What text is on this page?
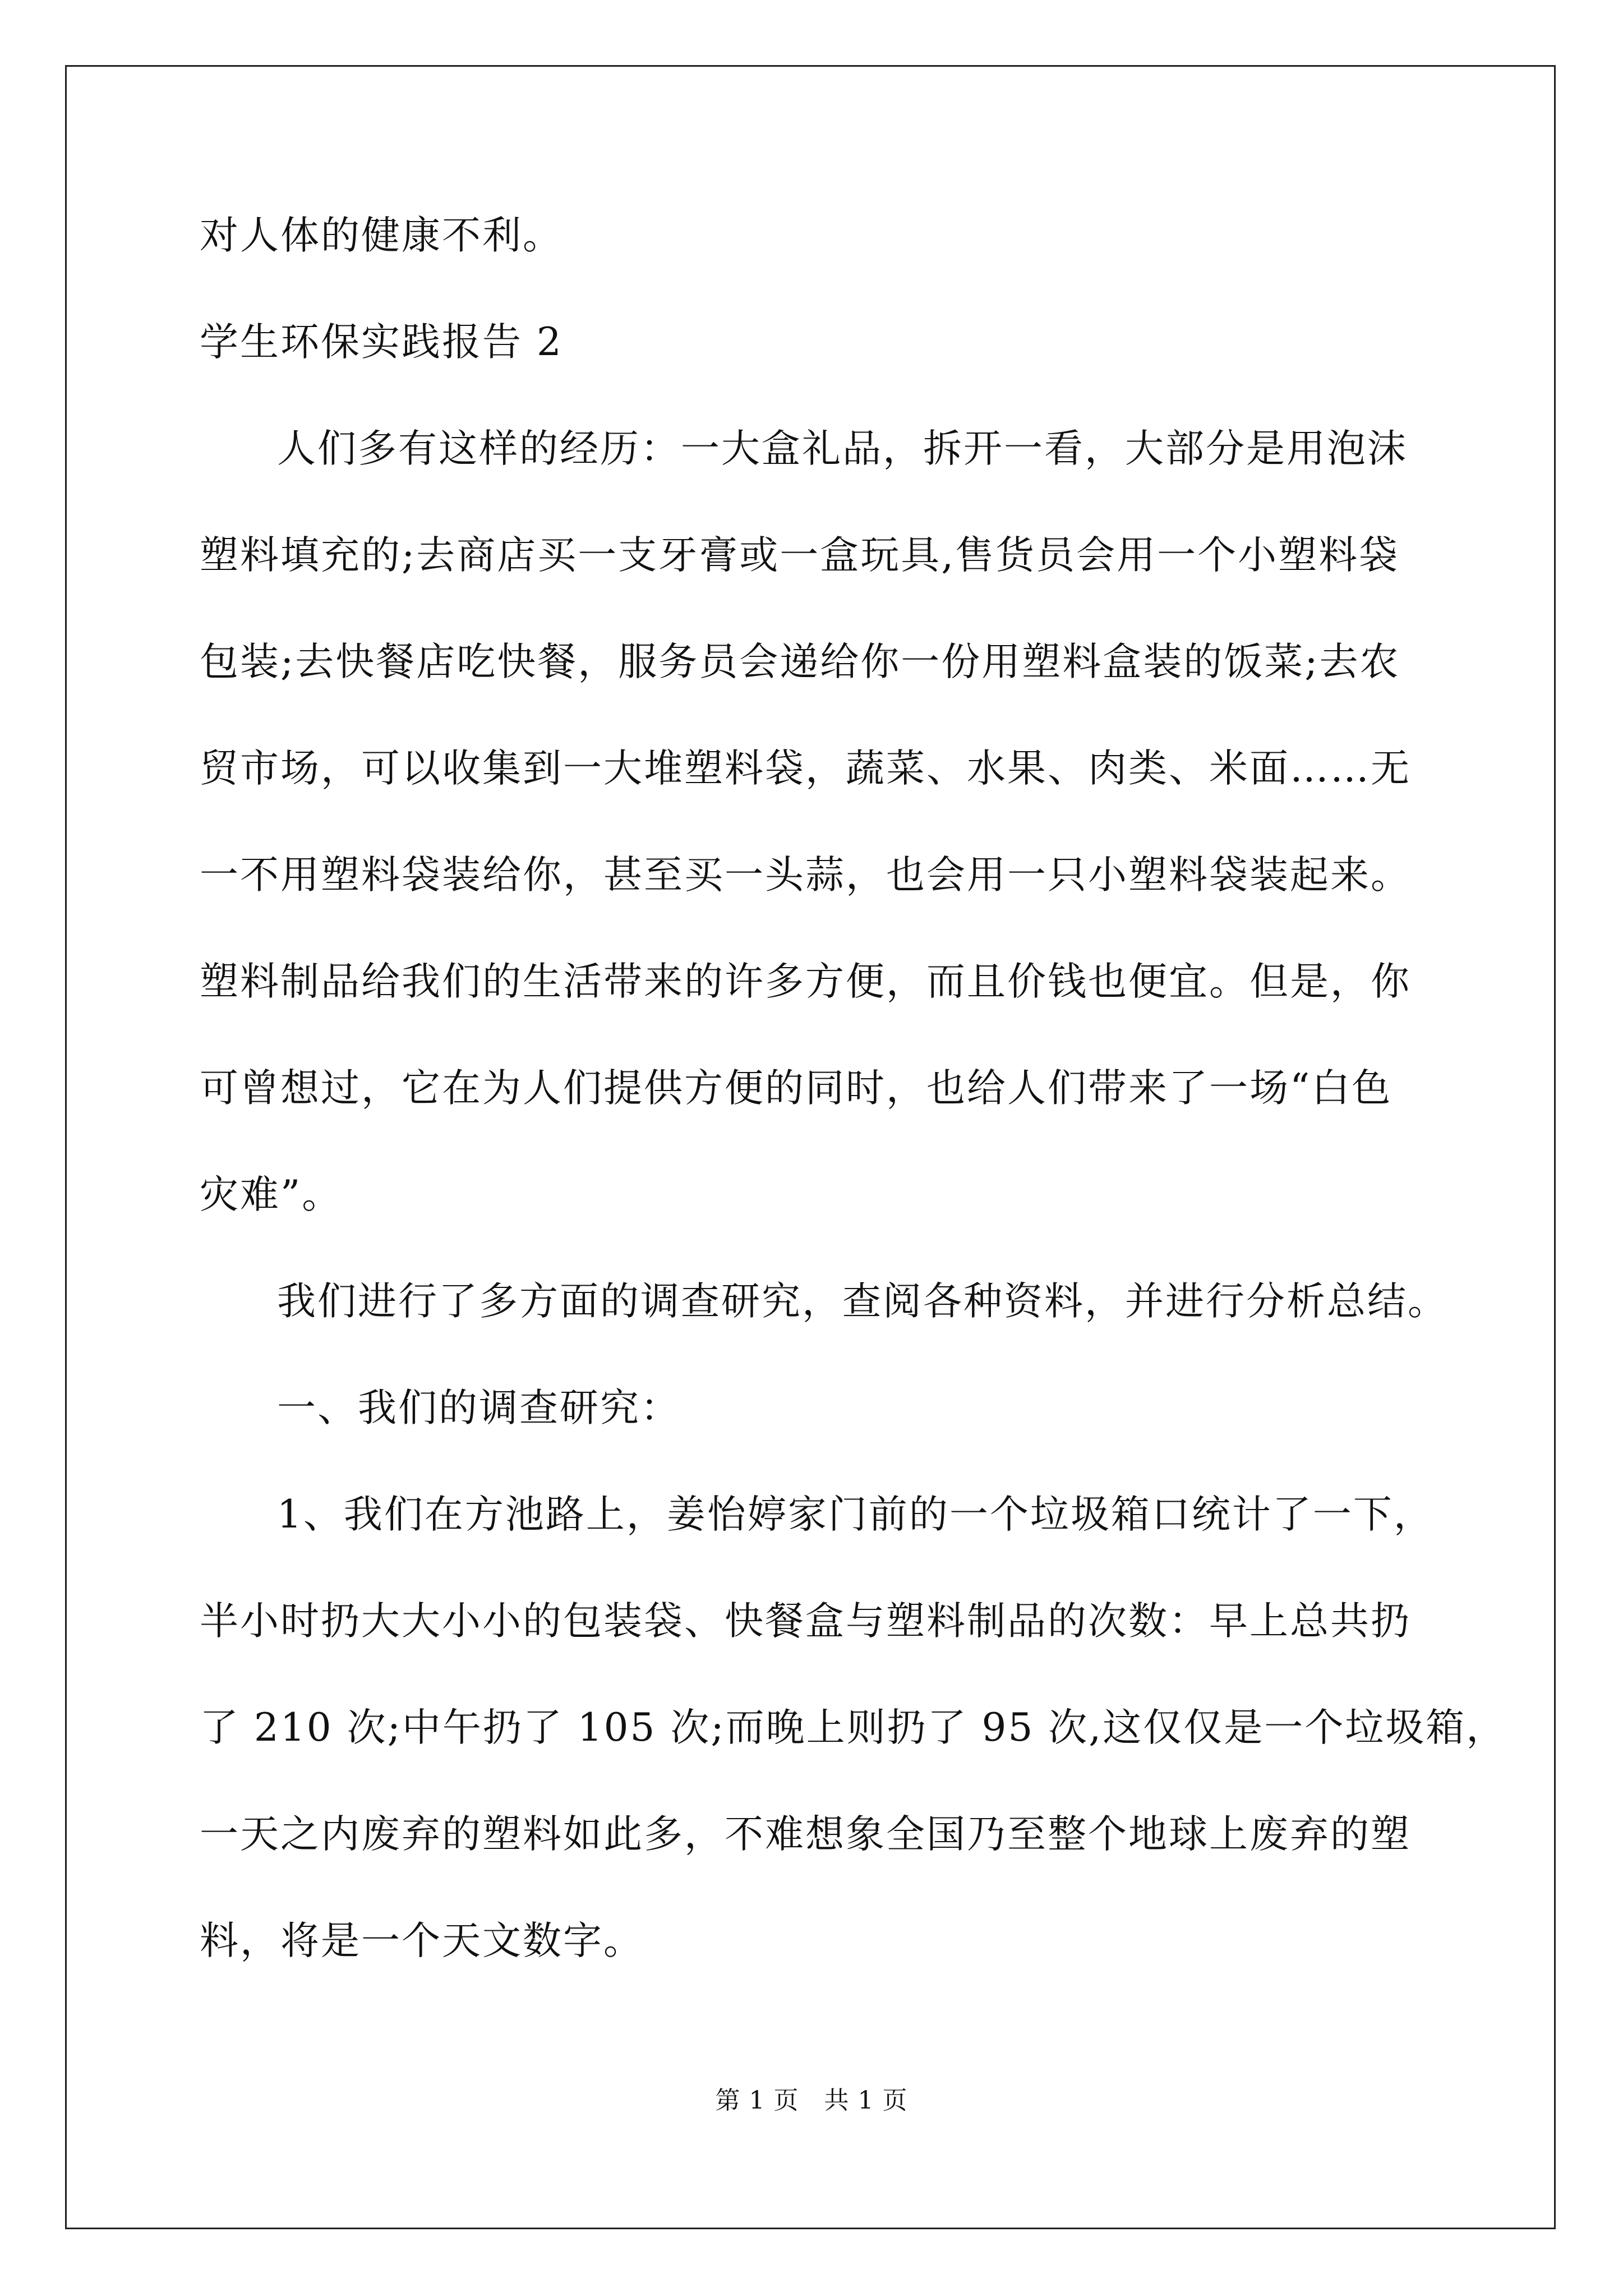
对人体的健康不利。
学生环保实践报告 2
人们多有这样的经历：一大盒礼品，拆开一看，大部分是用泡沫
塑料填充的;去商店买一支牙膏或一盒玩具,售货员会用一个小塑料袋
包装;去快餐店吃快餐，服务员会递给你一份用塑料盒装的饭菜;去农
贸市场，可以收集到一大堆塑料袋，蔬菜、水果、肉类、米面……无
一不用塑料袋装给你，甚至买一头蒜，也会用一只小塑料袋装起来。
塑料制品给我们的生活带来的许多方便，而且价钱也便宜。但是，你
可曾想过，它在为人们提供方便的同时，也给人们带来了一场“白色
灾难”。
我们进行了多方面的调查研究，查阅各种资料，并进行分析总结。
一、我们的调查研究：
1、我们在方池路上，姜怡婷家门前的一个垃圾箱口统计了一下，
半小时扔大大小小的包装袋、快餐盒与塑料制品的次数：早上总共扔
了 210 次;中午扔了 105 次;而晚上则扔了 95 次,这仅仅是一个垃圾箱，
一天之内废弃的塑料如此多，不难想象全国乃至整个地球上废弃的塑
料，将是一个天文数字。
第 1 页   共 1 页
